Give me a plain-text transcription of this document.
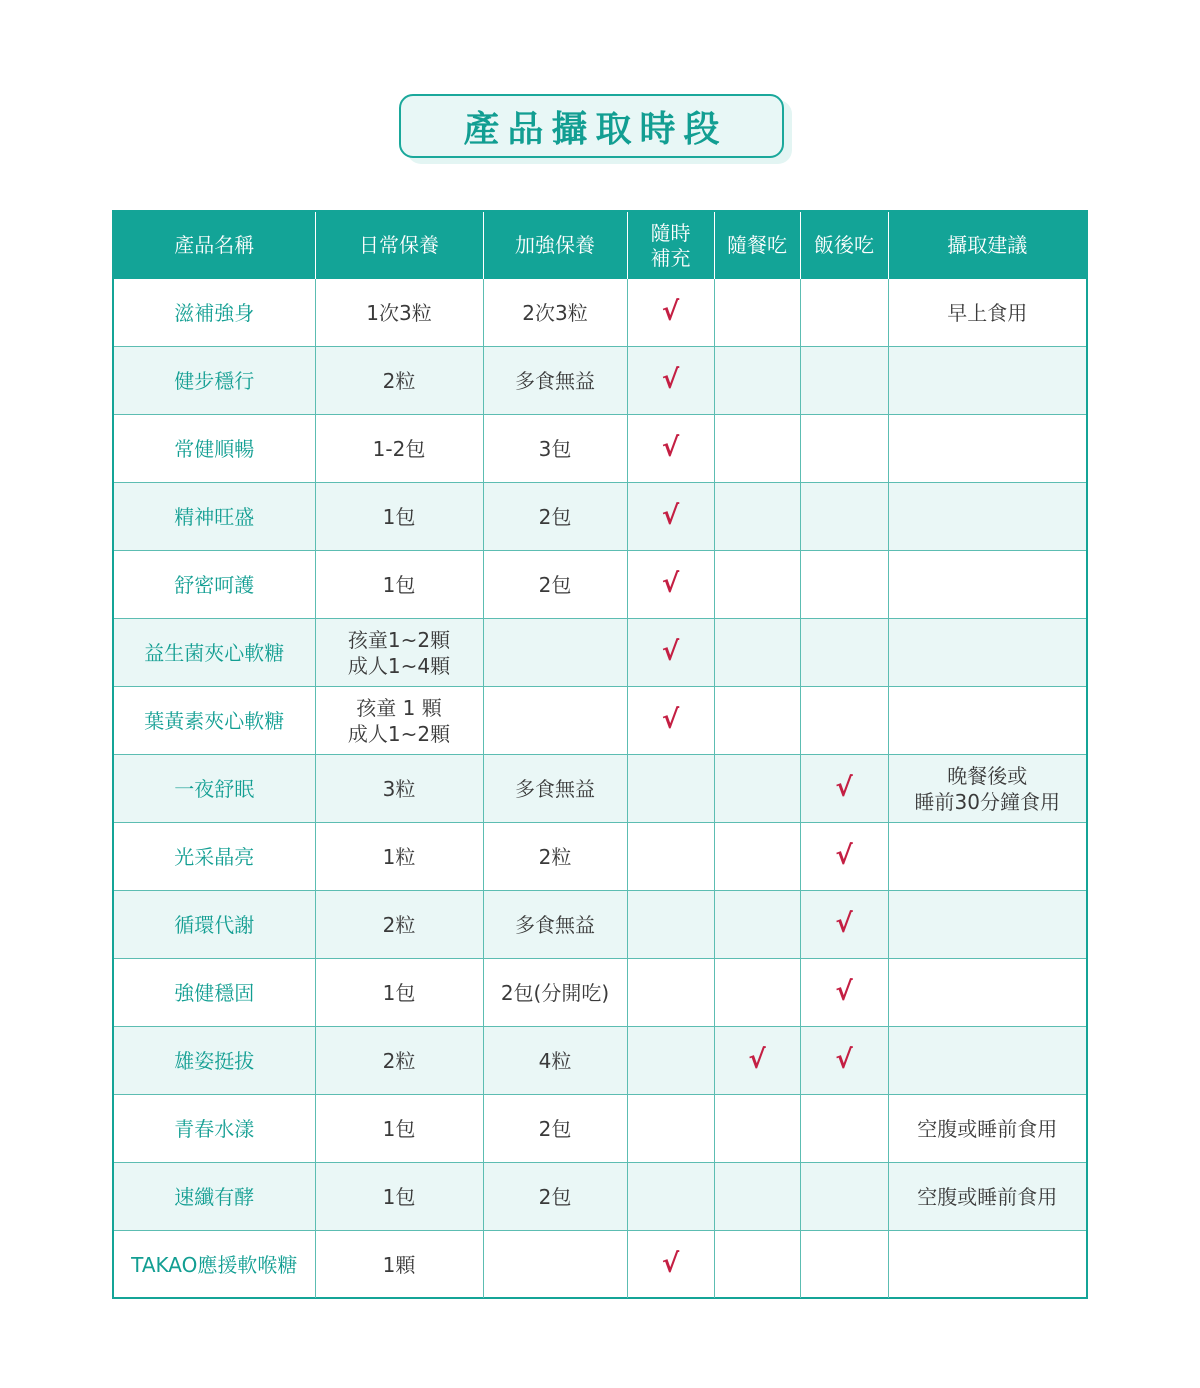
產品攝取時段
產品名稱	日常保養	加強保養	隨時
補充	隨餐吃	飯後吃	攝取建議

滋補強身	1次3粒	2次3粒	√			早上食用

健步穩行	2粒	多食無益	√			

常健順暢	1-2包	3包	√			

精神旺盛	1包	2包	√			

舒密呵護	1包	2包	√			

益生菌夾心軟糖	孩童1~2顆
成人1~4顆		√			

葉黃素夾心軟糖	孩童 1 顆
成人1~2顆		√			

一夜舒眠	3粒	多食無益			√	晚餐後或
睡前30分鐘食用

光采晶亮	1粒	2粒			√	

循環代謝	2粒	多食無益			√	

強健穩固	1包	2包(分開吃)			√	

雄姿挺拔	2粒	4粒		√	√	

青春水漾	1包	2包				空腹或睡前食用

速纖有酵	1包	2包				空腹或睡前食用

TAKAO應援軟喉糖	1顆		√			
